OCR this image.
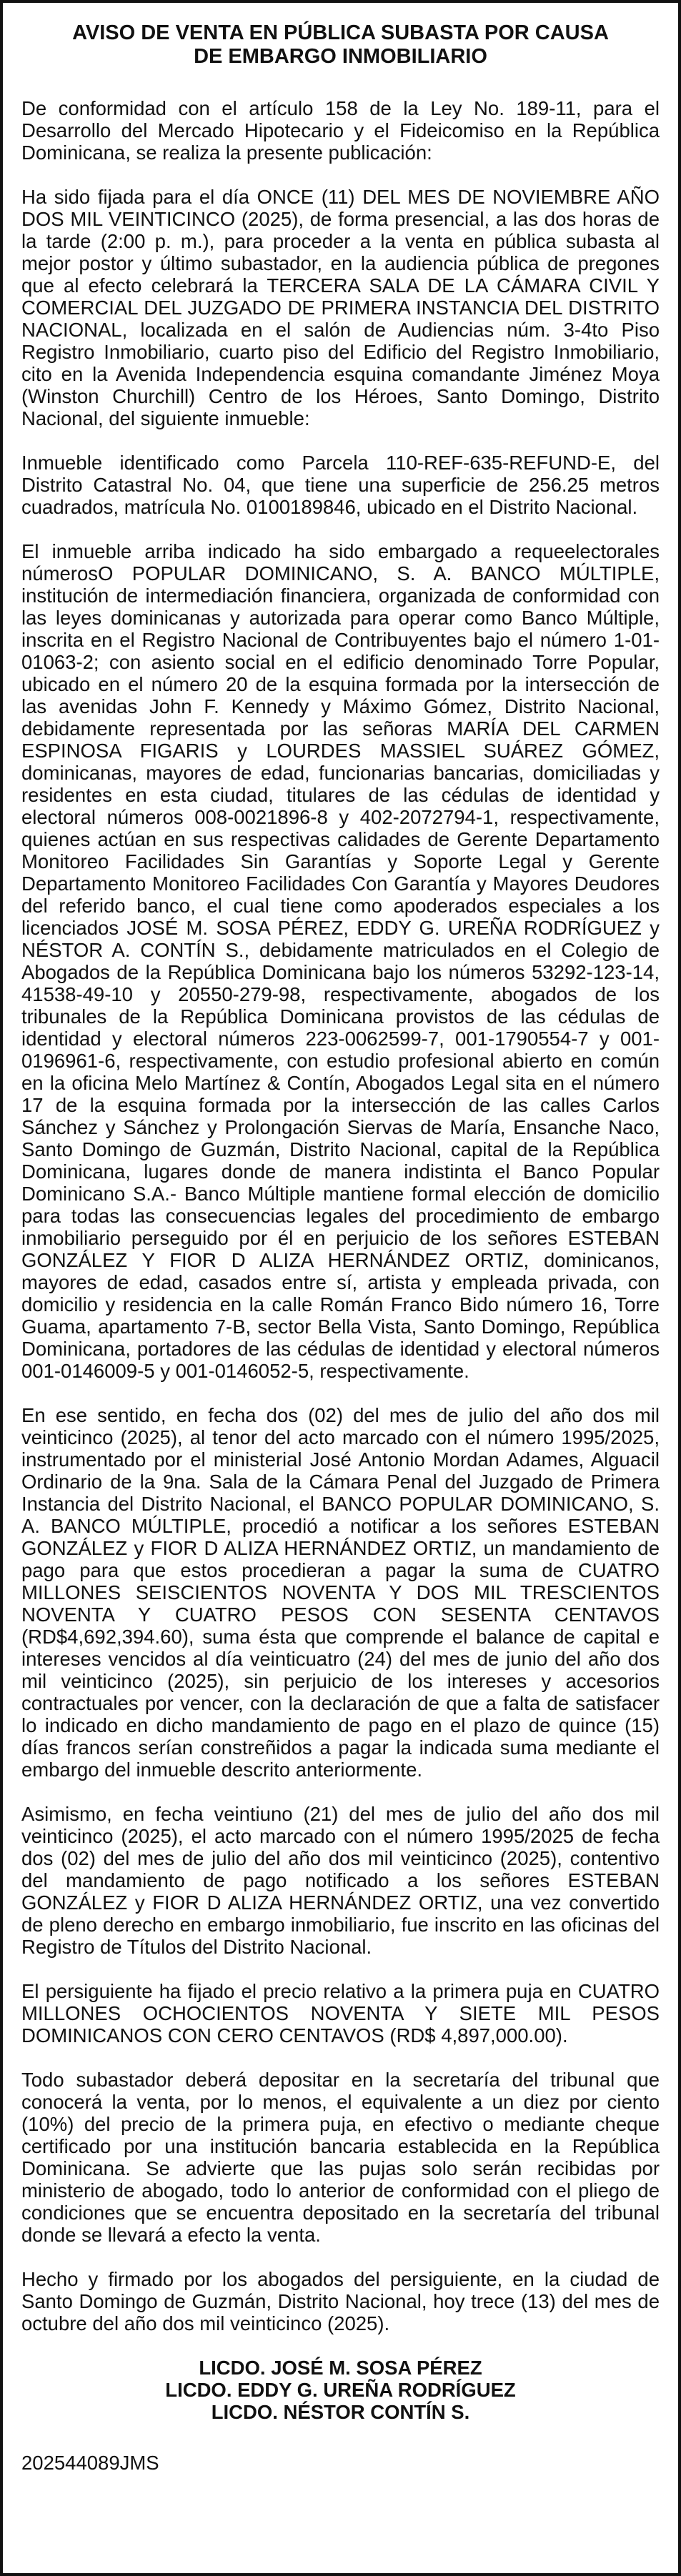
AVISO DE VENTA EN PÚBLICA SUBASTA POR CAUSA
DE EMBARGO INMOBILIARIO

De conformidad con el artículo 158 de la Ley No. 189-11, para el Desarrollo del Mercado Hipotecario y el Fideicomiso en la República Dominicana, se realiza la presente publicación:

Ha sido fijada para el día ONCE (11) DEL MES DE NOVIEMBRE AÑO DOS MIL VEINTICINCO (2025), de forma presencial, a las dos horas de la tarde (2:00 p. m.), para proceder a la venta en pública subasta al mejor postor y último subastador, en la audiencia pública de pregones que al efecto celebrará la TERCERA SALA DE LA CÁMARA CIVIL Y COMERCIAL DEL JUZGADO DE PRIMERA INSTANCIA DEL DISTRITO NACIONAL, localizada en el salón de Audiencias núm. 3-4to Piso Registro Inmobiliario, cuarto piso del Edificio del Registro Inmobiliario, cito en la Avenida Independencia esquina comandante Jiménez Moya (Winston Churchill) Centro de los Héroes, Santo Domingo, Distrito Nacional, del siguiente inmueble:

Inmueble identificado como Parcela 110-REF-635-REFUND-E, del Distrito Catastral No. 04, que tiene una superficie de 256.25 metros cuadrados, matrícula No. 0100189846, ubicado en el Distrito Nacional.

El inmueble arriba indicado ha sido embargado a requeelectorales númerosO POPULAR DOMINICANO, S. A. BANCO MÚLTIPLE, institución de intermediación financiera, organizada de conformidad con las leyes dominicanas y autorizada para operar como Banco Múltiple, inscrita en el Registro Nacional de Contribuyentes bajo el número 1-01-01063-2; con asiento social en el edificio denominado Torre Popular, ubicado en el número 20 de la esquina formada por la intersección de las avenidas John F. Kennedy y Máximo Gómez, Distrito Nacional, debidamente representada por las señoras MARÍA DEL CARMEN ESPINOSA FIGARIS y LOURDES MASSIEL SUÁREZ GÓMEZ, dominicanas, mayores de edad, funcionarias bancarias, domiciliadas y residentes en esta ciudad, titulares de las cédulas de identidad y electoral números 008-0021896-8 y 402-2072794-1, respectivamente, quienes actúan en sus respectivas calidades de Gerente Departamento Monitoreo Facilidades Sin Garantías y Soporte Legal y Gerente Departamento Monitoreo Facilidades Con Garantía y Mayores Deudores del referido banco, el cual tiene como apoderados especiales a los licenciados JOSÉ M. SOSA PÉREZ, EDDY G. UREÑA RODRÍGUEZ y NÉSTOR A. CONTÍN S., debidamente matriculados en el Colegio de Abogados de la República Dominicana bajo los números 53292-123-14, 41538-49-10 y 20550-279-98, respectivamente, abogados de los tribunales de la República Dominicana provistos de las cédulas de identidad y electoral números 223-0062599-7, 001-1790554-7 y 001-0196961-6, respectivamente, con estudio profesional abierto en común en la oficina Melo Martínez & Contín, Abogados Legal sita en el número 17 de la esquina formada por la intersección de las calles Carlos Sánchez y Sánchez y Prolongación Siervas de María, Ensanche Naco, Santo Domingo de Guzmán, Distrito Nacional, capital de la República Dominicana, lugares donde de manera indistinta el Banco Popular Dominicano S.A.- Banco Múltiple mantiene formal elección de domicilio para todas las consecuencias legales del procedimiento de embargo inmobiliario perseguido por él en perjuicio de los señores ESTEBAN GONZÁLEZ Y FIOR D ALIZA HERNÁNDEZ ORTIZ, dominicanos, mayores de edad, casados entre sí, artista y empleada privada, con domicilio y residencia en la calle Román Franco Bido número 16, Torre Guama, apartamento 7-B, sector Bella Vista, Santo Domingo, República Dominicana, portadores de las cédulas de identidad y electoral números 001-0146009-5 y 001-0146052-5, respectivamente.

En ese sentido, en fecha dos (02) del mes de julio del año dos mil veinticinco (2025), al tenor del acto marcado con el número 1995/2025, instrumentado por el ministerial José Antonio Mordan Adames, Alguacil Ordinario de la 9na. Sala de la Cámara Penal del Juzgado de Primera Instancia del Distrito Nacional, el BANCO POPULAR DOMINICANO, S. A. BANCO MÚLTIPLE, procedió a notificar a los señores ESTEBAN GONZÁLEZ y FIOR D ALIZA HERNÁNDEZ ORTIZ, un mandamiento de pago para que estos procedieran a pagar la suma de CUATRO MILLONES SEISCIENTOS NOVENTA Y DOS MIL TRESCIENTOS NOVENTA Y CUATRO PESOS CON SESENTA CENTAVOS (RD$4,692,394.60), suma ésta que comprende el balance de capital e intereses vencidos al día veinticuatro (24) del mes de junio del año dos mil veinticinco (2025), sin perjuicio de los intereses y accesorios contractuales por vencer, con la declaración de que a falta de satisfacer lo indicado en dicho mandamiento de pago en el plazo de quince (15) días francos serían constreñidos a pagar la indicada suma mediante el embargo del inmueble descrito anteriormente.

Asimismo, en fecha veintiuno (21) del mes de julio del año dos mil veinticinco (2025), el acto marcado con el número 1995/2025 de fecha dos (02) del mes de julio del año dos mil veinticinco (2025), contentivo del mandamiento de pago notificado a los señores ESTEBAN GONZÁLEZ y FIOR D ALIZA HERNÁNDEZ ORTIZ, una vez convertido de pleno derecho en embargo inmobiliario, fue inscrito en las oficinas del Registro de Títulos del Distrito Nacional.

El persiguiente ha fijado el precio relativo a la primera puja en CUATRO MILLONES OCHOCIENTOS NOVENTA Y SIETE MIL PESOS DOMINICANOS CON CERO CENTAVOS (RD$ 4,897,000.00).

Todo subastador deberá depositar en la secretaría del tribunal que conocerá la venta, por lo menos, el equivalente a un diez por ciento (10%) del precio de la primera puja, en efectivo o mediante cheque certificado por una institución bancaria establecida en la República Dominicana. Se advierte que las pujas solo serán recibidas por ministerio de abogado, todo lo anterior de conformidad con el pliego de condiciones que se encuentra depositado en la secretaría del tribunal donde se llevará a efecto la venta.

Hecho y firmado por los abogados del persiguiente, en la ciudad de Santo Domingo de Guzmán, Distrito Nacional, hoy trece (13) del mes de octubre del año dos mil veinticinco (2025).

LICDO. JOSÉ M. SOSA PÉREZ
LICDO. EDDY G. UREÑA RODRÍGUEZ
LICDO. NÉSTOR CONTÍN S.

202544089JMS
